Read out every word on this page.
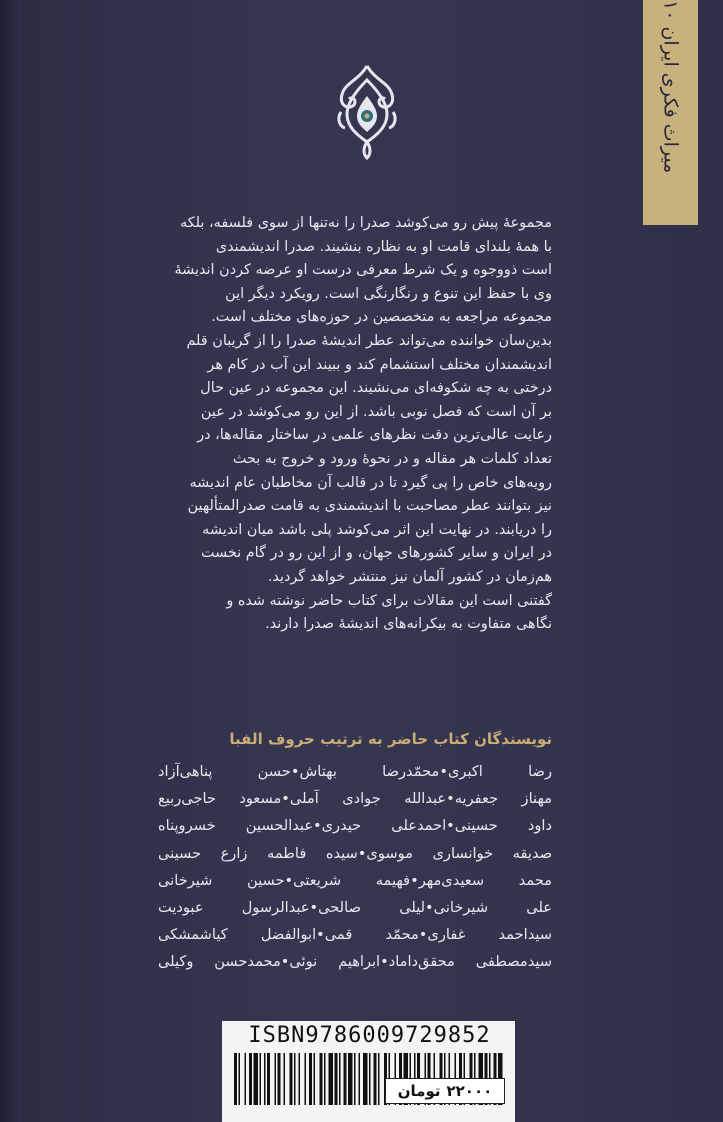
میراث فکری ایران ۱۰
مجموعهٔ پیش رو می‌کوشد صدرا را نه‌تنها از سوی فلسفه، بلکه
با همهٔ بلندای قامت او به نظاره بنشیند. صدرا اندیشمندی
است ذووجوه و یک شرط معرفی درست او عرضه کردن اندیشهٔ
وی با حفظ این تنوع و رنگارنگی است. رویکرد دیگر این
مجموعه مراجعه به متخصصین در حوزه‌های مختلف است.
بدین‌سان خواننده می‌تواند عطر اندیشهٔ صدرا را از گریبان قلم
اندیشمندان مختلف استشمام کند و ببیند این آب در کام هر
درختی به چه شکوفه‌ای می‌نشیند. این مجموعه در عین حال
بر آن است که فصل نوبی باشد. از این رو می‌کوشد در عین
رعایت عالی‌ترین دقت نظرهای علمی در ساختار مقاله‌ها، در
تعداد کلمات هر مقاله و در نحوهٔ ورود و خروج به بحث
رویه‌های خاص را پی گیرد تا در قالب آن مخاطبان عام اندیشه
نیز بتوانند عطر مصاحبت با اندیشمندی به قامت صدرالمتألهین
را دریابند. در نهایت این اثر می‌کوشد پلی باشد میان اندیشه
در ایران و سایر کشورهای جهان، و از این رو در گام نخست
هم‌زمان در کشور آلمان نیز منتشر خواهد گردید.
گفتنی است این مقالات برای کتاب حاضر نوشته شده و
نگاهی متفاوت به بیکرانه‌های اندیشهٔ صدرا دارند.
نویسندگان کتاب حاضر به ترتیب حروف الفبا
رضا اکبری•محمّدرضا بهتاش•حسن پناهی‌آزاد
مهناز جعفریه•عبدالله جوادی آملی•مسعود حاجی‌ربیع
داود حسینی•احمدعلی حیدری•عبدالحسین خسروپناه
صدیقه خوانساری موسوی•سیده فاطمه زارع حسینی
محمد سعیدی‌مهر•فهیمه شریعتی•حسین شیرخانی
علی شیرخانی•لیلی صالحی•عبدالرسول عبودیت
سیداحمد غفاری•محمّد قمی•ابوالفضل کیاشمشکی
سیدمصطفی محقق‌داماد•ابراهیم نوئی•محمدحسن وکیلی
ISBN9786009729852
۲۲۰۰۰
تومان
